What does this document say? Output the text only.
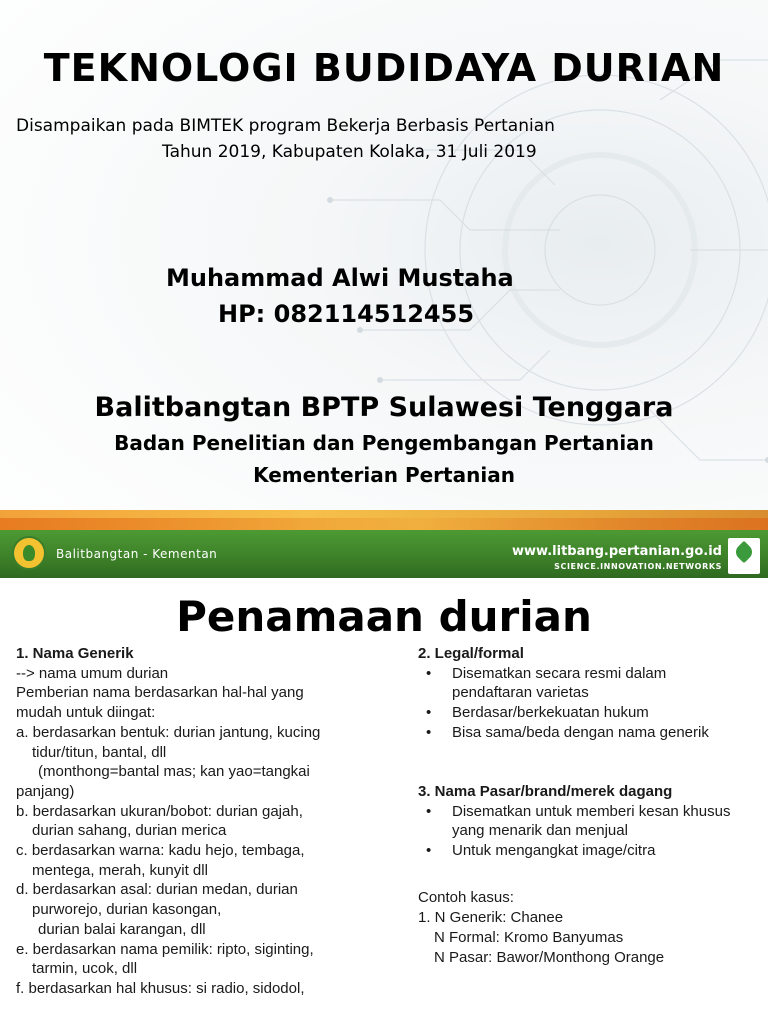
TEKNOLOGI BUDIDAYA DURIAN
Disampaikan pada BIMTEK program Bekerja Berbasis Pertanian
Tahun 2019, Kabupaten Kolaka, 31 Juli 2019
Muhammad Alwi Mustaha
HP: 082114512455
Balitbangtan BPTP Sulawesi Tenggara
Badan Penelitian dan Pengembangan Pertanian
Kementerian Pertanian
Balitbangtan - Kementan	www.litbang.pertanian.go.id
SCIENCE.INNOVATION.NETWORKS
Penamaan durian
1. Nama Generik
--> nama umum durian
Pemberian nama berdasarkan hal-hal yang
mudah untuk diingat:
a. berdasarkan bentuk: durian jantung, kucing
tidur/titun, bantal, dll
(monthong=bantal mas; kan yao=tangkai
panjang)
b. berdasarkan ukuran/bobot: durian gajah,
durian sahang, durian merica
c. berdasarkan warna: kadu hejo, tembaga,
mentega, merah, kunyit dll
d. berdasarkan asal: durian medan, durian
purworejo, durian kasongan,
durian balai karangan, dll
e. berdasarkan nama pemilik: ripto, siginting,
tarmin, ucok, dll
f. berdasarkan hal khusus: si radio, sidodol,
2. Legal/formal
•	Disematkan secara resmi dalam
pendaftaran varietas
•	Berdasar/berkekuatan hukum
•	Bisa sama/beda dengan nama generik
3. Nama Pasar/brand/merek dagang
•	Disematkan untuk memberi kesan khusus
yang menarik dan menjual
•	Untuk mengangkat image/citra
Contoh kasus:
1. N Generik: Chanee
N Formal: Kromo Banyumas
N Pasar: Bawor/Monthong Orange
